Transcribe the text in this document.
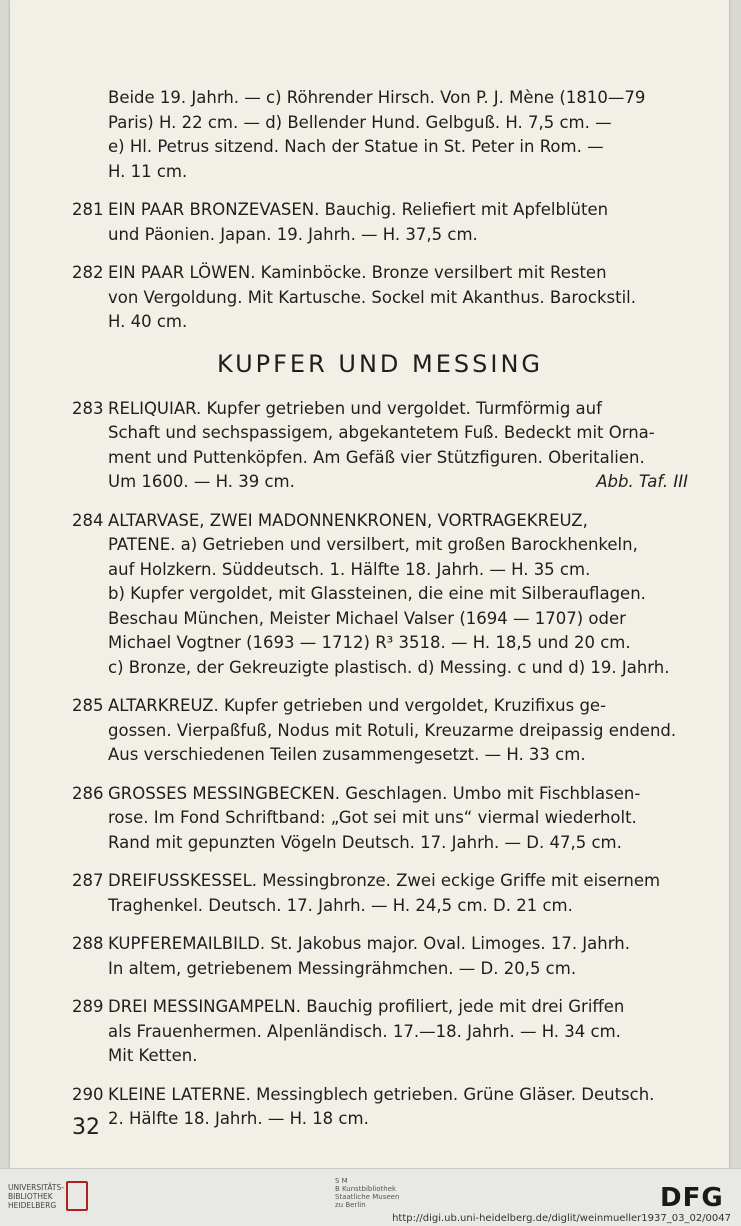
Beide 19. Jahrh. — c) Röhrender Hirsch. Von P. J. Mène (1810—79
Paris) H. 22 cm. — d) Bellender Hund. Gelbguß. H. 7,5 cm. —
e) Hl. Petrus sitzend. Nach der Statue in St. Peter in Rom. —
H. 11 cm.
281 EIN PAAR BRONZEVASEN. Bauchig. Reliefiert mit Apfelblüten
und Päonien. Japan. 19. Jahrh. — H. 37,5 cm.
282 EIN PAAR LÖWEN. Kaminböcke. Bronze versilbert mit Resten
von Vergoldung. Mit Kartusche. Sockel mit Akanthus. Barockstil.
H. 40 cm.
KUPFER UND MESSING
283 RELIQUIAR. Kupfer getrieben und vergoldet. Turmförmig auf
Schaft und sechspassigem, abgekantetem Fuß. Bedeckt mit Orna-
ment und Puttenköpfen. Am Gefäß vier Stützfiguren. Oberitalien.
Um 1600. — H. 39 cm.	Abb. Taf. III
284 ALTARVASE, ZWEI MADONNENKRONEN, VORTRAGEKREUZ,
PATENE. a) Getrieben und versilbert, mit großen Barockhenkeln,
auf Holzkern. Süddeutsch. 1. Hälfte 18. Jahrh. — H. 35 cm.
b) Kupfer vergoldet, mit Glassteinen, die eine mit Silberauflagen.
Beschau München, Meister Michael Valser (1694 — 1707) oder
Michael Vogtner (1693 — 1712) R³ 3518. — H. 18,5 und 20 cm.
c) Bronze, der Gekreuzigte plastisch. d) Messing. c und d) 19. Jahrh.
285 ALTARKREUZ. Kupfer getrieben und vergoldet, Kruzifixus ge-
gossen. Vierpaßfuß, Nodus mit Rotuli, Kreuzarme dreipassig endend.
Aus verschiedenen Teilen zusammengesetzt. — H. 33 cm.
286 GROSSES MESSINGBECKEN. Geschlagen. Umbo mit Fischblasen-
rose. Im Fond Schriftband: „Got sei mit uns“ viermal wiederholt.
Rand mit gepunzten Vögeln Deutsch. 17. Jahrh. — D. 47,5 cm.
287 DREIFUSSKESSEL. Messingbronze. Zwei eckige Griffe mit eisernem
Traghenkel. Deutsch. 17. Jahrh. — H. 24,5 cm. D. 21 cm.
288 KUPFEREMAILBILD. St. Jakobus major. Oval. Limoges. 17. Jahrh.
In altem, getriebenem Messingrähmchen. — D. 20,5 cm.
289 DREI MESSINGAMPELN. Bauchig profiliert, jede mit drei Griffen
als Frauenhermen. Alpenländisch. 17.—18. Jahrh. — H. 34 cm.
Mit Ketten.
290 KLEINE LATERNE. Messingblech getrieben. Grüne Gläser. Deutsch.
2. Hälfte 18. Jahrh. — H. 18 cm.
32
UNIVERSITÄTS-
BIBLIOTHEK
HEIDELBERG
S M
B Kunstbibliothek
Staatliche Museen
zu Berlin	DFG
http://digi.ub.uni-heidelberg.de/diglit/weinmueller1937_03_02/0047
